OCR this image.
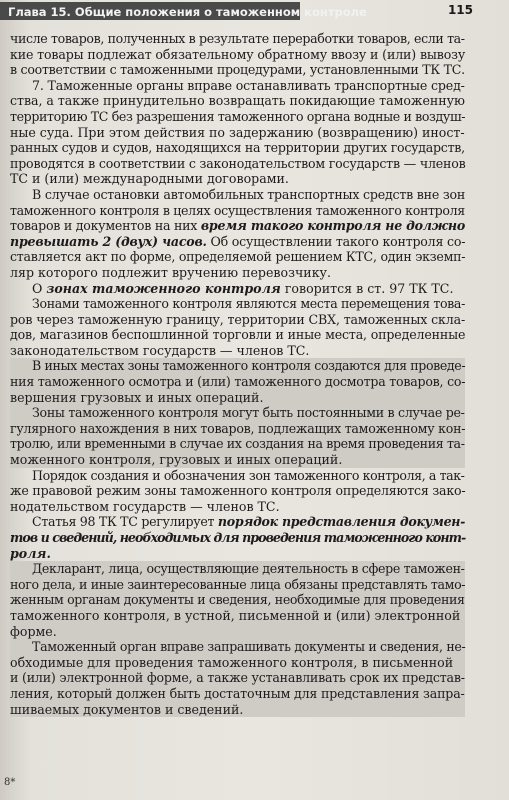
Глава 15. Общие положения о таможенном контроле	115
числе товаров, полученных в результате переработки товаров, если та-
кие товары подлежат обязательному обратному ввозу и (или) вывозу
в соответствии с таможенными процедурами, установленными ТК ТС.
7. Таможенные органы вправе останавливать транспортные сред-
ства, а также принудительно возвращать покидающие таможенную
территорию ТС без разрешения таможенного органа водные и воздуш-
ные суда. При этом действия по задержанию (возвращению) иност-
ранных судов и судов, находящихся на территории других государств,
проводятся в соответствии с законодательством государств — членов
ТС и (или) международными договорами.
В случае остановки автомобильных транспортных средств вне зон
таможенного контроля в целях осуществления таможенного контроля
товаров и документов на них время такого контроля не должно
превышать 2 (двух) часов. Об осуществлении такого контроля со-
ставляется акт по форме, определяемой решением КТС, один экземп-
ляр которого подлежит вручению перевозчику.
О зонах таможенного контроля говорится в ст. 97 ТК ТС.
Зонами таможенного контроля являются места перемещения това-
ров через таможенную границу, территории СВХ, таможенных скла-
дов, магазинов беспошлинной торговли и иные места, определенные
законодательством государств — членов ТС.
В иных местах зоны таможенного контроля создаются для проведе-
ния таможенного осмотра и (или) таможенного досмотра товаров, со-
вершения грузовых и иных операций.
Зоны таможенного контроля могут быть постоянными в случае ре-
гулярного нахождения в них товаров, подлежащих таможенному кон-
тролю, или временными в случае их создания на время проведения та-
моженного контроля, грузовых и иных операций.
Порядок создания и обозначения зон таможенного контроля, а так-
же правовой режим зоны таможенного контроля определяются зако-
нодательством государств — членов ТС.
Статья 98 ТК ТС регулирует порядок представления докумен-
тов и сведений, необходимых для проведения таможенного конт-
роля.
Декларант, лица, осуществляющие деятельность в сфере таможен-
ного дела, и иные заинтересованные лица обязаны представлять тамо-
женным органам документы и сведения, необходимые для проведения
таможенного контроля, в устной, письменной и (или) электронной
форме.
Таможенный орган вправе запрашивать документы и сведения, не-
обходимые для проведения таможенного контроля, в письменной
и (или) электронной форме, а также устанавливать срок их представ-
ления, который должен быть достаточным для представления запра-
шиваемых документов и сведений.
8*
